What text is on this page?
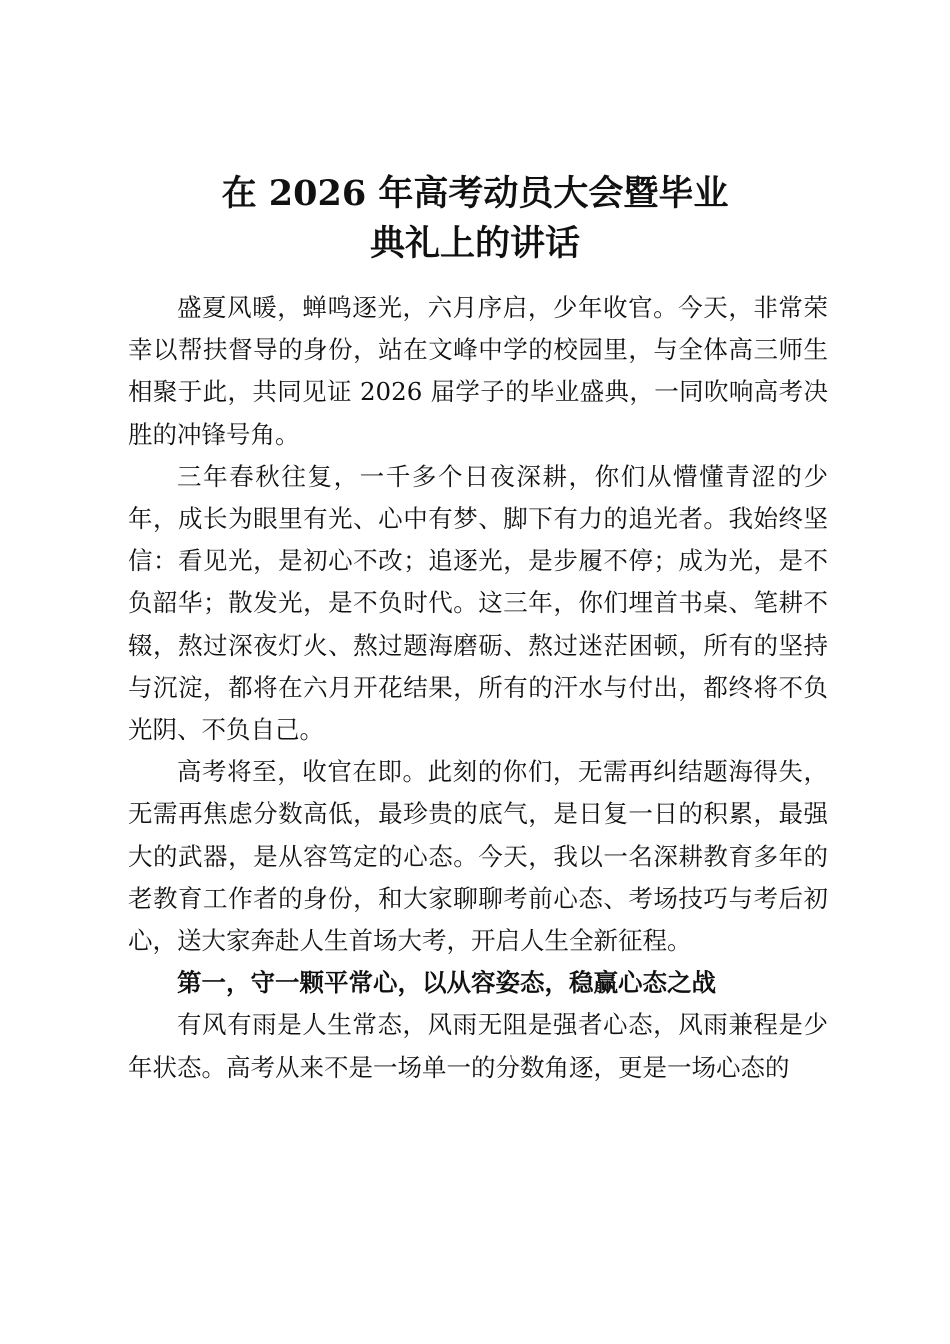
在 2026 年高考动员大会暨毕业
典礼上的讲话

盛夏风暖，蝉鸣逐光，六月序启，少年收官。今天，非常荣幸以帮扶督导的身份，站在文峰中学的校园里，与全体高三师生相聚于此，共同见证 2026 届学子的毕业盛典，一同吹响高考决胜的冲锋号角。

三年春秋往复，一千多个日夜深耕，你们从懵懂青涩的少年，成长为眼里有光、心中有梦、脚下有力的追光者。我始终坚信：看见光，是初心不改；追逐光，是步履不停；成为光，是不负韶华；散发光，是不负时代。这三年，你们埋首书桌、笔耕不辍，熬过深夜灯火、熬过题海磨砺、熬过迷茫困顿，所有的坚持与沉淀，都将在六月开花结果，所有的汗水与付出，都终将不负光阴、不负自己。

高考将至，收官在即。此刻的你们，无需再纠结题海得失，无需再焦虑分数高低，最珍贵的底气，是日复一日的积累，最强大的武器，是从容笃定的心态。今天，我以一名深耕教育多年的老教育工作者的身份，和大家聊聊考前心态、考场技巧与考后初心，送大家奔赴人生首场大考，开启人生全新征程。

第一，守一颗平常心，以从容姿态，稳赢心态之战

有风有雨是人生常态，风雨无阻是强者心态，风雨兼程是少年状态。高考从来不是一场单一的分数角逐，更是一场心态的
